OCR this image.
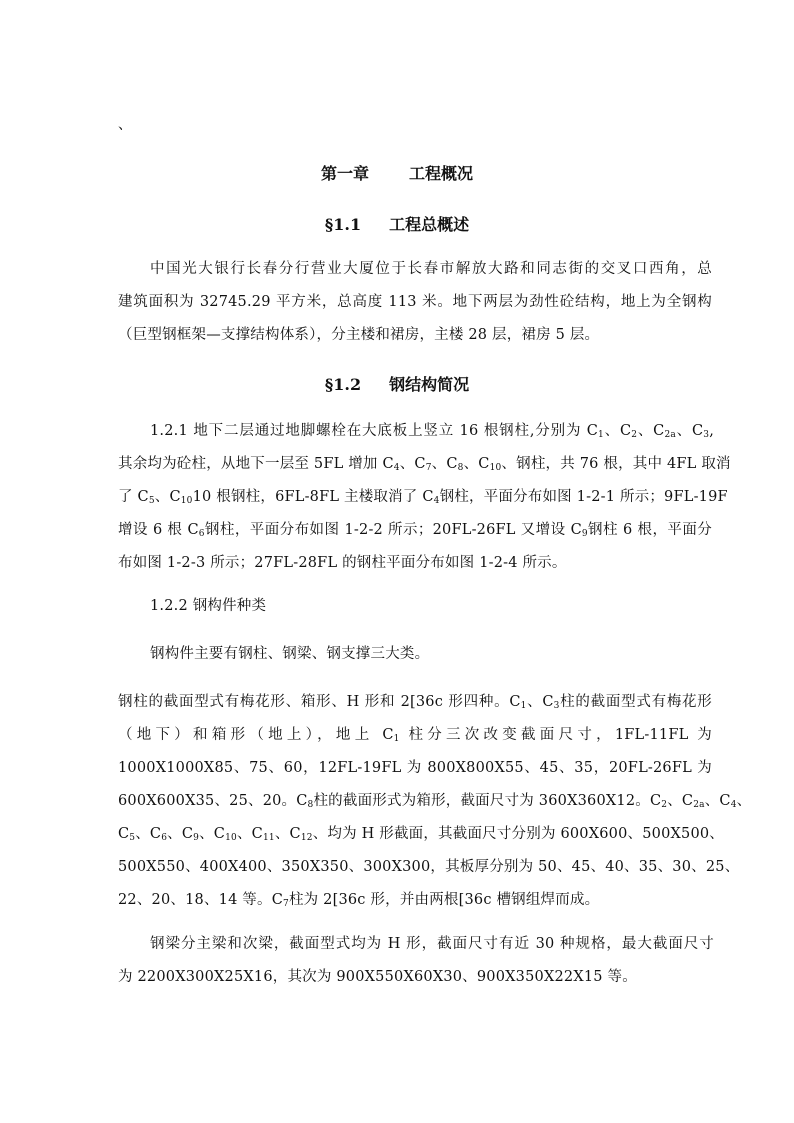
、
第一章	工程概况
§1.1 工程总概述
中国光大银行长春分行营业大厦位于长春市解放大路和同志街的交叉口西角，总
建筑面积为 32745.29 平方米，总高度 113 米。地下两层为劲性砼结构，地上为全钢构
（巨型钢框架—支撑结构体系），分主楼和裙房，主楼 28 层，裙房 5 层。
§1.2 钢结构简况
1.2.1 地下二层通过地脚螺栓在大底板上竖立 16 根钢柱,分别为 $C_1$、$C_2$、$C_{2a}$、$C_3$,
其余均为砼柱，从地下一层至 5FL 增加 $C_4$、$C_7$、$C_8$、$C_{10}$、钢柱，共 76 根，其中 4FL 取消
了 $C_5$、$C_{10}10$ 根钢柱，6FL-8FL 主楼取消了 $C_4$钢柱，平面分布如图 1-2-1 所示；9FL-19F
增设 6 根 $C_6$钢柱，平面分布如图 1-2-2 所示；20FL-26FL 又增设 $C_9$钢柱 6 根，平面分
布如图 1-2-3 所示；27FL-28FL 的钢柱平面分布如图 1-2-4 所示。
1.2.2 钢构件种类
钢构件主要有钢柱、钢梁、钢支撑三大类。
钢柱的截面型式有梅花形、箱形、H 形和 2[36c 形四种。$C_1$、$C_3$柱的截面型式有梅花形
（地下）和箱形（地上），地上 $C_1$ 柱分三次改变截面尺寸，1FL-11FL 为
1000X1000X85、75、60，12FL-19FL 为 800X800X55、45、35，20FL-26FL 为
600X600X35、25、20。$C_8$柱的截面形式为箱形，截面尺寸为 360X360X12。$C_2$、$C_{2a}$、$C_4$、
$C_5$、$C_6$、$C_9$、$C_{10}$、$C_{11}$、$C_{12}$、均为 H 形截面，其截面尺寸分别为 600X600、500X500、
500X550、400X400、350X350、300X300，其板厚分别为 50、45、40、35、30、25、
22、20、18、14 等。$C_7$柱为 2[36c 形，并由两根[36c 槽钢组焊而成。
钢梁分主梁和次梁，截面型式均为 H 形，截面尺寸有近 30 种规格，最大截面尺寸
为 2200X300X25X16，其次为 900X550X60X30、900X350X22X15 等。
